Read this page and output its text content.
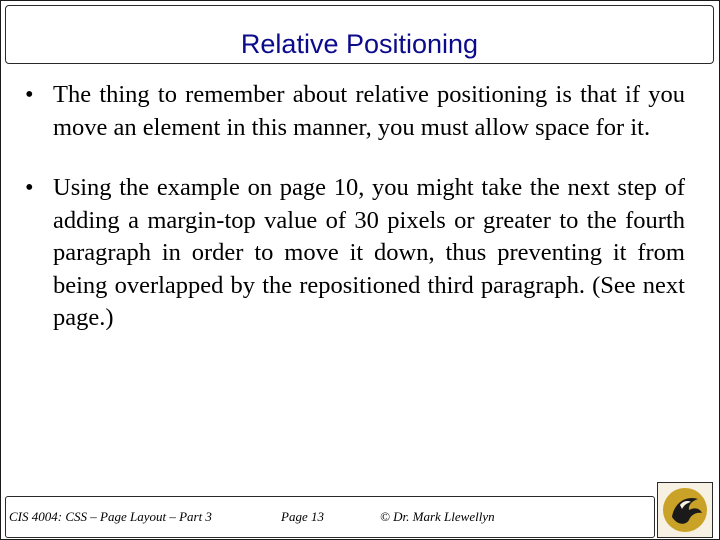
Relative Positioning
• The thing to remember about relative positioning is that if you move an element in this manner, you must allow space for it.
• Using the example on page 10, you might take the next step of adding a margin-top value of 30 pixels or greater to the fourth paragraph in order to move it down, thus preventing it from being overlapped by the repositioned third paragraph. (See next page.)
CIS 4004: CSS – Page Layout – Part 3	Page 13	© Dr. Mark Llewellyn
